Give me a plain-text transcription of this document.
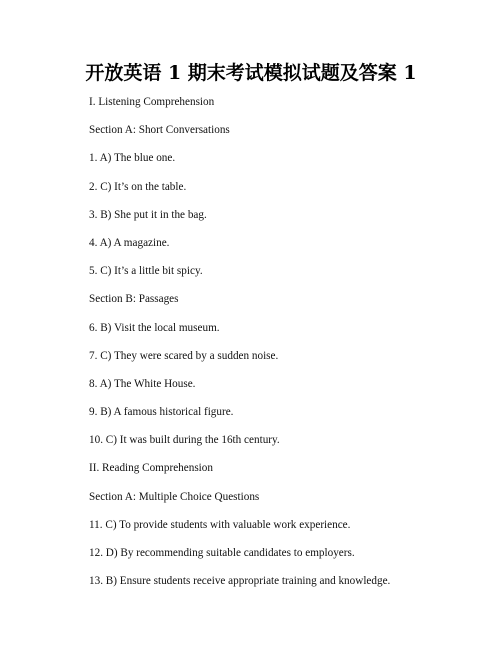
开放英语 1 期末考试模拟试题及答案 1
I. Listening Comprehension
Section A: Short Conversations
1. A) The blue one.
2. C) It’s on the table.
3. B) She put it in the bag.
4. A) A magazine.
5. C) It’s a little bit spicy.
Section B: Passages
6. B) Visit the local museum.
7. C) They were scared by a sudden noise.
8. A) The White House.
9. B) A famous historical figure.
10. C) It was built during the 16th century.
II. Reading Comprehension
Section A: Multiple Choice Questions
11. C) To provide students with valuable work experience.
12. D) By recommending suitable candidates to employers.
13. B) Ensure students receive appropriate training and knowledge.
